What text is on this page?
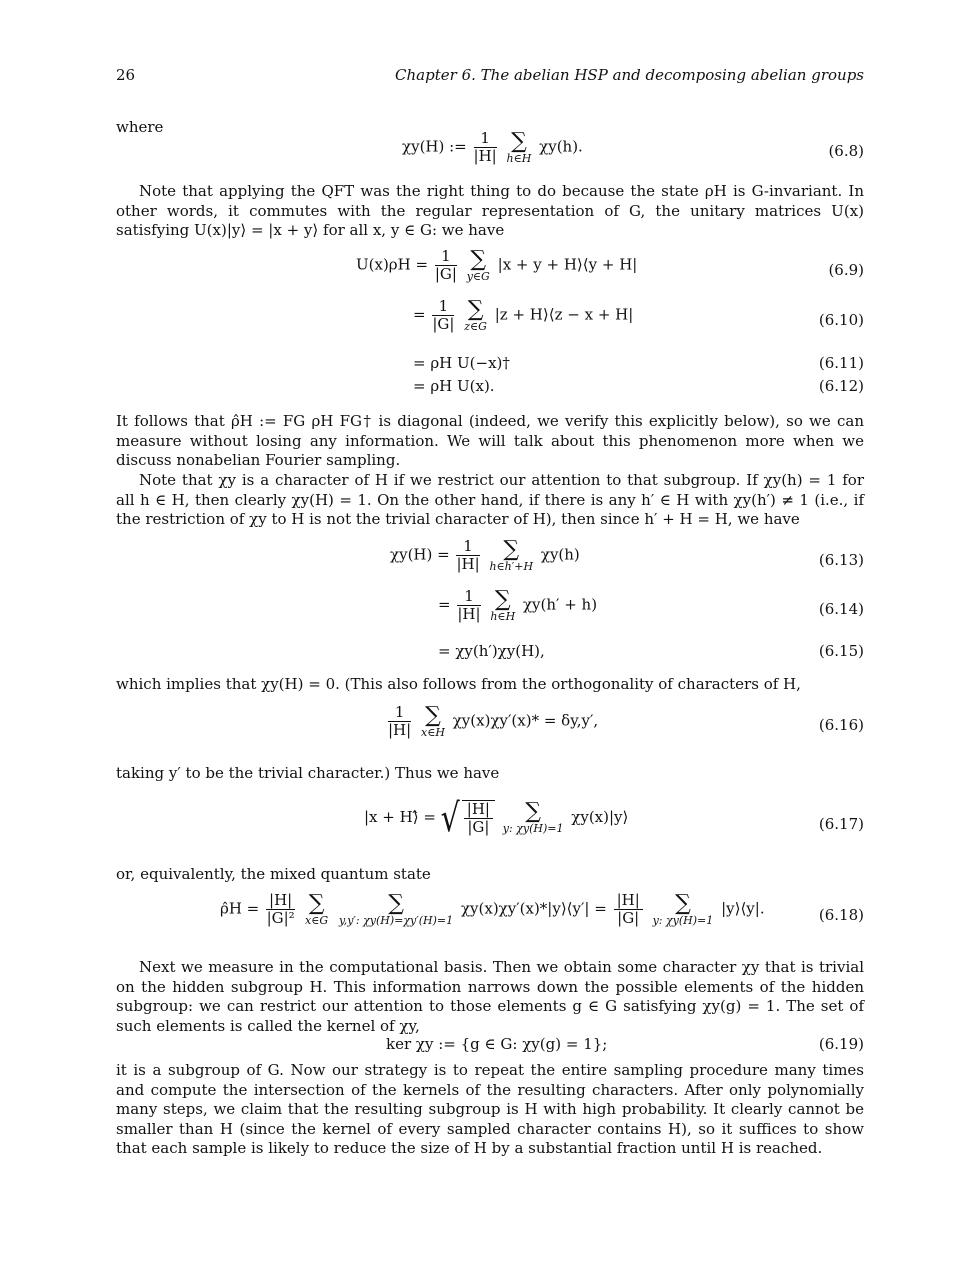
26	Chapter 6. The abelian HSP and decomposing abelian groups
where
χy(H) := $\frac{1}{|H|}$
∑
h∈H
χy(h).	(6.8)
Note that applying the QFT was the right thing to do because the state ρH is G-invariant. In other words, it commutes with the regular representation of G, the unitary matrices U(x) satisfying U(x)|y⟩ = |x + y⟩ for all x, y ∈ G: we have
$U(x)\rho H = \frac{1}{|G|}$
∑
y∈G
|x + y + H⟩⟨y + H|	(6.9)
= $\frac{1}{|G|}$
∑
z∈G
|z + H⟩⟨z − x + H|	(6.10)
= ρH U(−x)†	(6.11)
= ρH U(x).	(6.12)
It follows that ρ̂H := FG ρH FG† is diagonal (indeed, we verify this explicitly below), so we can measure without losing any information. We will talk about this phenomenon more when we discuss nonabelian Fourier sampling.
Note that χy is a character of H if we restrict our attention to that subgroup. If χy(h) = 1 for all h ∈ H, then clearly χy(H) = 1. On the other hand, if there is any h′ ∈ H with χy(h′) ≠ 1 (i.e., if the restriction of χy to H is not the trivial character of H), then since h′ + H = H, we have
$\chi y(H) = \frac{1}{|H|}$
	∑
h∈h′+H
χy(h)	(6.13)
= $\frac{1}{|H|}$
∑
h∈H
χy(h′ + h)	(6.14)
= χy(h′)χy(H),	(6.15)
which implies that χy(H) = 0. (This also follows from the orthogonality of characters of H,
$\frac{1}{|H|}$
∑
x∈H
χy(x)χy′(x)* = δy,y′,	(6.16)
taking y′ to be the trivial character.) Thus we have
|x + H⟩̂ = √ $\frac{|H|}{|G|}$
	∑
y: χy(H)=1
χy(x)|y⟩	(6.17)
or, equivalently, the mixed quantum state
ρ̂H = $\frac{|H|}{\text{|G|²}}$
∑
x∈G

∑
y,y′: χy(H)=χy′(H)=1
χy(x)χy′(x)*|y⟩⟨y′| = $\frac{|H|}{|G|}$
	∑
y: χy(H)=1
|y⟩⟨y|.	(6.18)
Next we measure in the computational basis. Then we obtain some character χy that is trivial on the hidden subgroup H. This information narrows down the possible elements of the hidden subgroup: we can restrict our attention to those elements g ∈ G satisfying χy(g) = 1. The set of such elements is called the kernel of χy,
ker χy := {g ∈ G: χy(g) = 1};	(6.19)
it is a subgroup of G. Now our strategy is to repeat the entire sampling procedure many times and compute the intersection of the kernels of the resulting characters. After only polynomially many steps, we claim that the resulting subgroup is H with high probability. It clearly cannot be smaller than H (since the kernel of every sampled character contains H), so it suffices to show that each sample is likely to reduce the size of H by a substantial fraction until H is reached.
